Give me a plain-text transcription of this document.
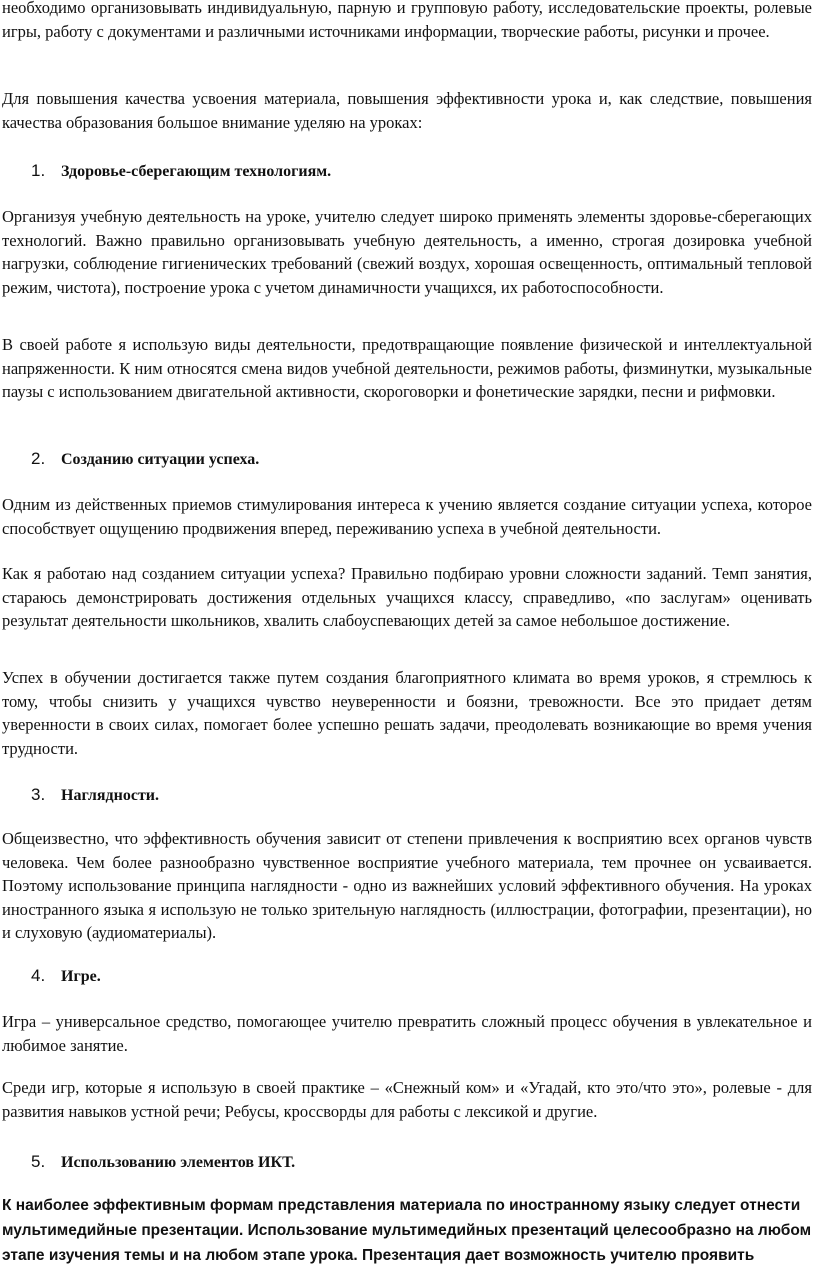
необходимо организовывать индивидуальную, парную и групповую работу, исследовательские проекты, ролевые игры, работу с документами и различными источниками информации, творческие работы, рисунки и прочее.

Для повышения качества усвоения материала, повышения эффективности урока и, как следствие, повышения качества образования большое внимание уделяю на уроках:

1. Здоровье-сберегающим технологиям.

Организуя учебную деятельность на уроке, учителю следует широко применять элементы здоровье-сберегающих технологий. Важно правильно организовывать учебную деятельность, а именно, строгая дозировка учебной нагрузки, соблюдение гигиенических требований (свежий воздух, хорошая освещенность, оптимальный тепловой режим, чистота), построение урока с учетом динамичности учащихся, их работоспособности.

В своей работе я использую виды деятельности, предотвращающие появление физической и интеллектуальной напряженности. К ним относятся смена видов учебной деятельности, режимов работы, физминутки, музыкальные паузы с использованием двигательной активности, скороговорки и фонетические зарядки, песни и рифмовки.

2. Созданию ситуации успеха.

Одним из действенных приемов стимулирования интереса к учению является создание ситуации успеха, которое способствует ощущению продвижения вперед, переживанию успеха в учебной деятельности.

Как я работаю над созданием ситуации успеха? Правильно подбираю уровни сложности заданий. Темп занятия, стараюсь демонстрировать достижения отдельных учащихся классу, справедливо, «по заслугам» оценивать результат деятельности школьников, хвалить слабоуспевающих детей за самое небольшое достижение.

Успех в обучении достигается также путем создания благоприятного климата во время уроков, я стремлюсь к тому, чтобы снизить у учащихся чувство неуверенности и боязни, тревожности. Все это придает детям уверенности в своих силах, помогает более успешно решать задачи, преодолевать возникающие во время учения трудности.

3. Наглядности.

Общеизвестно, что эффективность обучения зависит от степени привлечения к восприятию всех органов чувств человека. Чем более разнообразно чувственное восприятие учебного материала, тем прочнее он усваивается. Поэтому использование принципа наглядности - одно из важнейших условий эффективного обучения. На уроках иностранного языка я использую не только зрительную наглядность (иллюстрации, фотографии, презентации), но и слуховую (аудиоматериалы).

4. Игре.

Игра – универсальное средство, помогающее учителю превратить сложный процесс обучения в увлекательное и любимое занятие.

Среди игр, которые я использую в своей практике – «Снежный ком» и «Угадай, кто это/что это», ролевые - для развития навыков устной речи; Ребусы, кроссворды для работы с лексикой и другие.

5. Использованию элементов ИКТ.

К наиболее эффективным формам представления материала по иностранному языку следует отнести мультимедийные презентации. Использование мультимедийных презентаций целесообразно на любом этапе изучения темы и на любом этапе урока. Презентация дает возможность учителю проявить
